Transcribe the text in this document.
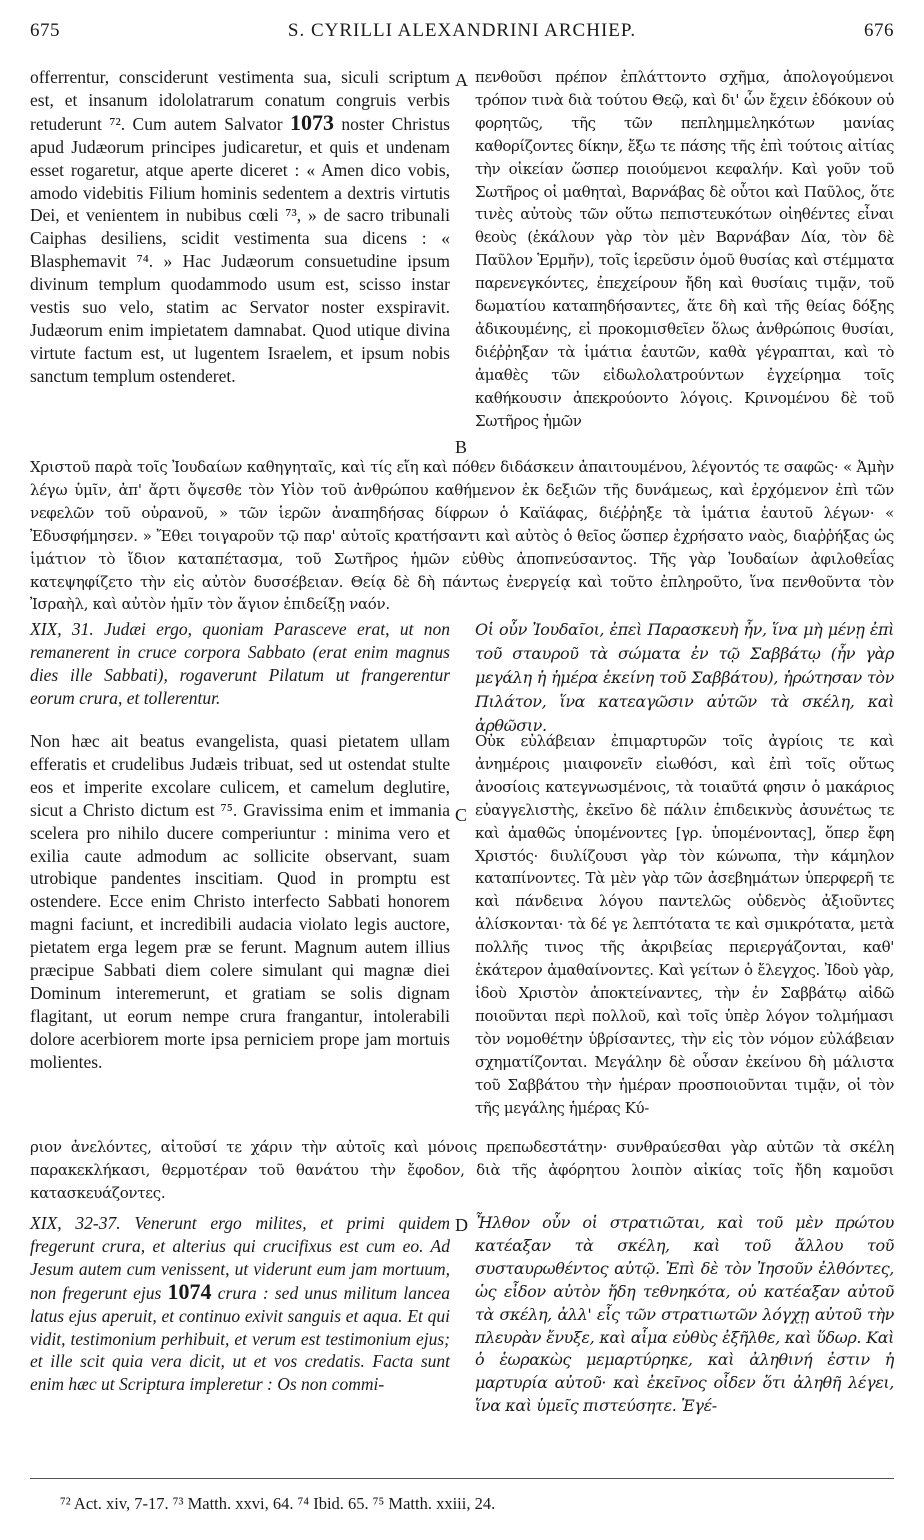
675	S. CYRILLI ALEXANDRINI ARCHIEP.	676

offerrentur, consciderunt vestimenta sua, siculi scriptum est, et insanum idololatrarum conatum congruis verbis retuderunt ⁷². Cum autem Salvator 1073 noster Christus apud Judæorum principes judicaretur, et quis et undenam esset rogaretur, atque aperte diceret : « Amen dico vobis, amodo videbitis Filium hominis sedentem a dextris virtutis Dei, et venientem in nubibus cœli ⁷³, » de sacro tribunali Caiphas desiliens, scidit vestimenta sua dicens : « Blasphemavit ⁷⁴. » Hac Judæorum consuetudine ipsum divinum templum quodammodo usum est, scisso instar vestis suo velo, statim ac Servator noster exspiravit. Judæorum enim impietatem damnabat. Quod utique divina virtute factum est, ut lugentem Israelem, et ipsum nobis sanctum templum ostenderet.

A πενθοῦσι πρέπον ἐπλάττοντο σχῆμα, ἀπολογούμενοι τρόπον τινὰ διὰ τούτου Θεῷ, καὶ δι' ὧν ἔχειν ἐδόκουν οὐ φορητῶς, τῆς τῶν πεπλημμεληκότων μανίας καθορίζοντες δίκην, ἔξω τε πάσης τῆς ἐπὶ τούτοις αἰτίας τὴν οἰκείαν ὥσπερ ποιούμενοι κεφαλήν. Καὶ γοῦν τοῦ Σωτῆρος οἱ μαθηταὶ, Βαρνάβας δὲ οὗτοι καὶ Παῦλος, ὅτε τινὲς αὐτοὺς τῶν οὕτω πεπιστευκότων οἰηθέντες εἶναι θεοὺς (ἐκάλουν γὰρ τὸν μὲν Βαρνάβαν Δία, τὸν δὲ Παῦλον Ἑρμῆν), τοῖς ἱερεῦσιν ὁμοῦ θυσίας καὶ στέμματα παρενεγκόντες, ἐπεχείρουν ἤδη καὶ θυσίαις τιμᾷν, τοῦ δωματίου καταπηδήσαντες, ἅτε δὴ καὶ τῆς θείας δόξης ἀδικουμένης, εἰ προκομισθεῖεν ὅλως ἀνθρώποις θυσίαι, διέῤῥηξαν τὰ ἱμάτια ἑαυτῶν, καθὰ γέγραπται, καὶ τὸ ἀμαθὲς τῶν εἰδωλολατρούντων ἐγχείρημα τοῖς καθήκουσιν ἀπεκρούοντο λόγοις. Κρινομένου δὲ τοῦ Σωτῆρος ἡμῶν

B
Χριστοῦ παρὰ τοῖς Ἰουδαίων καθηγηταῖς, καὶ τίς εἴη καὶ πόθεν διδάσκειν ἀπαιτουμένου, λέγοντός τε σαφῶς· « Ἀμὴν λέγω ὑμῖν, ἀπ' ἄρτι ὄψεσθε τὸν Υἱὸν τοῦ ἀνθρώπου καθήμενον ἐκ δεξιῶν τῆς δυνάμεως, καὶ ἐρχόμενον ἐπὶ τῶν νεφελῶν τοῦ οὐρανοῦ, » τῶν ἱερῶν ἀναπηδήσας δίφρων ὁ Καϊάφας, διέῤῥηξε τὰ ἱμάτια ἑαυτοῦ λέγων· « Ἐδυσφήμησεν. » Ἔθει τοιγαροῦν τῷ παρ' αὐτοῖς κρατήσαντι καὶ αὐτὸς ὁ θεῖος ὥσπερ ἐχρήσατο ναὸς, διαῤῥήξας ὡς ἱμάτιον τὸ ἴδιον καταπέτασμα, τοῦ Σωτῆρος ἡμῶν εὐθὺς ἀποπνεύσαντος. Τῆς γὰρ Ἰουδαίων ἀφιλοθεΐας κατεψηφίζετο τὴν εἰς αὐτὸν δυσσέβειαν. Θείᾳ δὲ δὴ πάντως ἐνεργείᾳ καὶ τοῦτο ἐπληροῦτο, ἵνα πενθοῦντα τὸν Ἰσραὴλ, καὶ αὐτὸν ἡμῖν τὸν ἅγιον ἐπιδείξῃ ναόν.
XIX, 31. Judæi ergo, quoniam Parasceve erat, ut non remanerent in cruce corpora Sabbato (erat enim magnus dies ille Sabbati), rogaverunt Pilatum ut frangerentur eorum crura, et tollerentur.
Non hæc ait beatus evangelista, quasi pietatem ullam efferatis et crudelibus Judæis tribuat, sed ut ostendat stulte eos et imperite excolare culicem, et camelum deglutire, sicut a Christo dictum est ⁷⁵. Gravissima enim et immania scelera pro nihilo ducere comperiuntur : minima vero et exilia caute admodum ac sollicite observant, suam utrobique pandentes inscitiam. Quod in promptu est ostendere. Ecce enim Christo interfecto Sabbati honorem magni faciunt, et incredibili audacia violato legis auctore, pietatem erga legem præ se ferunt. Magnum autem illius præcipue Sabbati diem colere simulant qui magnæ diei Dominum interemerunt, et gratiam se solis dignam flagitant, ut eorum nempe crura frangantur, intolerabili dolore acerbiorem morte ipsa perniciem prope jam mortuis molientes.
C
Οἱ οὖν Ἰουδαῖοι, ἐπεὶ Παρασκευὴ ἦν, ἵνα μὴ μένῃ ἐπὶ τοῦ σταυροῦ τὰ σώματα ἐν τῷ Σαββάτῳ (ἦν γὰρ μεγάλη ἡ ἡμέρα ἐκείνη τοῦ Σαββάτου), ἠρώτησαν τὸν Πιλάτον, ἵνα κατεαγῶσιν αὐτῶν τὰ σκέλη, καὶ ἀρθῶσιν.
Οὐκ εὐλάβειαν ἐπιμαρτυρῶν τοῖς ἀγρίοις τε καὶ ἀνημέροις μιαιφονεῖν εἰωθόσι, καὶ ἐπὶ τοῖς οὕτως ἀνοσίοις κατεγνωσμένοις, τὰ τοιαῦτά φησιν ὁ μακάριος εὐαγγελιστὴς, ἐκεῖνο δὲ πάλιν ἐπιδεικνὺς ἀσυνέτως τε καὶ ἀμαθῶς ὑπομένοντες [γρ. ὑπομένοντας], ὅπερ ἔφη Χριστός· διυλίζουσι γὰρ τὸν κώνωπα, τὴν κάμηλον καταπίνοντες. Τὰ μὲν γὰρ τῶν ἀσεβημάτων ὑπερφερῆ τε καὶ πάνδεινα λόγου παντελῶς οὐδενὸς ἀξιοῦντες ἁλίσκονται· τὰ δέ γε λεπτότατα τε καὶ σμικρότατα, μετὰ πολλῆς τινος τῆς ἀκριβείας περιεργάζονται, καθ' ἑκάτερον ἀμαθαίνοντες. Καὶ γείτων ὁ ἔλεγχος. Ἰδοὺ γὰρ, ἰδοὺ Χριστὸν ἀποκτείναντες, τὴν ἐν Σαββάτῳ αἰδῶ ποιοῦνται περὶ πολλοῦ, καὶ τοῖς ὑπὲρ λόγον τολμήμασι τὸν νομοθέτην ὑβρίσαντες, τὴν εἰς τὸν νόμον εὐλάβειαν σχηματίζονται. Μεγάλην δὲ οὖσαν ἐκείνου δὴ μάλιστα τοῦ Σαββάτου τὴν ἡμέραν προσποιοῦνται τιμᾷν, οἱ τὸν τῆς μεγάλης ἡμέρας Κύ-
ριον ἀνελόντες, αἰτοῦσί τε χάριν τὴν αὐτοῖς καὶ μόνοις πρεπωδεστάτην· συνθραύεσθαι γὰρ αὐτῶν τὰ σκέλη παρακεκλήκασι, θερμοτέραν τοῦ θανάτου τὴν ἔφοδον, διὰ τῆς ἀφόρητου λοιπὸν αἰκίας τοῖς ἤδη καμοῦσι κατασκευάζοντες.
XIX, 32-37. Venerunt ergo milites, et primi quidem fregerunt crura, et alterius qui crucifixus est cum eo. Ad Jesum autem cum venissent, ut viderunt eum jam mortuum, non fregerunt ejus 1074 crura : sed unus militum lancea latus ejus aperuit, et continuo exivit sanguis et aqua. Et qui vidit, testimonium perhibuit, et verum est testimonium ejus; et ille scit quia vera dicit, ut et vos credatis. Facta sunt enim hæc ut Scriptura impleretur : Os non commi-
D Ἦλθον οὖν οἱ στρατιῶται, καὶ τοῦ μὲν πρώτου κατέαξαν τὰ σκέλη, καὶ τοῦ ἄλλου τοῦ συσταυρωθέντος αὐτῷ. Ἐπὶ δὲ τὸν Ἰησοῦν ἐλθόντες, ὡς εἶδον αὐτὸν ἤδη τεθνηκότα, οὐ κατέαξαν αὐτοῦ τὰ σκέλη, ἀλλ' εἷς τῶν στρατιωτῶν λόγχῃ αὐτοῦ τὴν πλευρὰν ἔνυξε, καὶ αἷμα εὐθὺς ἐξῆλθε, καὶ ὕδωρ. Καὶ ὁ ἑωρακὼς μεμαρτύρηκε, καὶ ἀληθινή ἐστιν ἡ μαρτυρία αὐτοῦ· καὶ ἐκεῖνος οἶδεν ὅτι ἀληθῆ λέγει, ἵνα καὶ ὑμεῖς πιστεύσητε. Ἐγέ-
⁷² Act. xiv, 7-17. ⁷³ Matth. xxvi, 64. ⁷⁴ Ibid. 65. ⁷⁵ Matth. xxiii, 24.
